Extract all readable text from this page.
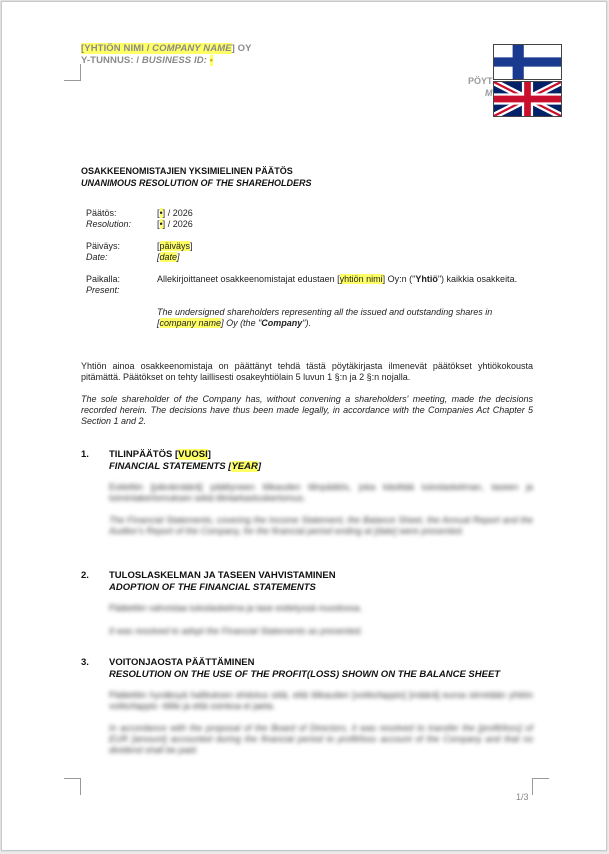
[YHTIÖN NIMI / COMPANY NAME] OY
Y-TUNNUS: / BUSINESS ID: •
PÖYT
M
OSAKKEENOMISTAJIEN YKSIMIELINEN PÄÄTÖS
UNANIMOUS RESOLUTION OF THE SHAREHOLDERS
Päätös:
Resolution:
[•] / 2026
[•] / 2026
Päiväys:
Date:
[päiväys]
[date]
Paikalla:
Present:
Allekirjoittaneet osakkeenomistajat edustaen [yhtiön nimi] Oy:n ("Yhtiö") kaikkia osakkeita.
The undersigned shareholders representing all the issued and outstanding shares in [company name] Oy (the "Company").
Yhtiön ainoa osakkeenomistaja on päättänyt tehdä tästä pöytäkirjasta ilmenevät päätökset yhtiökokousta pitämättä. Päätökset on tehty laillisesti osakeyhtiölain 5 luvun 1 §:n ja 2 §:n nojalla.
The sole shareholder of the Company has, without convening a shareholders' meeting, made the decisions recorded herein. The decisions have thus been made legally, in accordance with the Companies Act Chapter 5 Section 1 and 2.
1. TILINPÄÄTÖS [VUOSI]
FINANCIAL STATEMENTS [YEAR]
Esitettiin [päivämäärä] päättyneen tilikauden tilinpäätös, joka käsittää tuloslaskelman, taseen ja toimintakertomuksen sekä tilintarkastuskertomus.
The Financial Statements, covering the Income Statement, the Balance Sheet, the Annual Report and the Auditor's Report of the Company, for the financial period ending at [date] were presented.
2. TULOSLASKELMAN JA TASEEN VAHVISTAMINEN
ADOPTION OF THE FINANCIAL STATEMENTS
Päätettiin vahvistaa tuloslaskelma ja tase esitetyssä muodossa.
It was resolved to adopt the Financial Statements as presented.
3. VOITONJAOSTA PÄÄTTÄMINEN
RESOLUTION ON THE USE OF THE PROFIT(LOSS) SHOWN ON THE BALANCE SHEET
Päätettiin hyväksyä hallituksen ehdotus siitä, että tilikauden [voitto/tappio] [määrä] euroa siirretään yhtiön voitto/tappio -tilille ja että osinkoa ei jaeta.
In accordance with the proposal of the Board of Directors, it was resolved to transfer the [profit/loss] of EUR [amount] accounted during the financial period to profit/loss account of the Company and that no dividend shall be paid.
1/3
